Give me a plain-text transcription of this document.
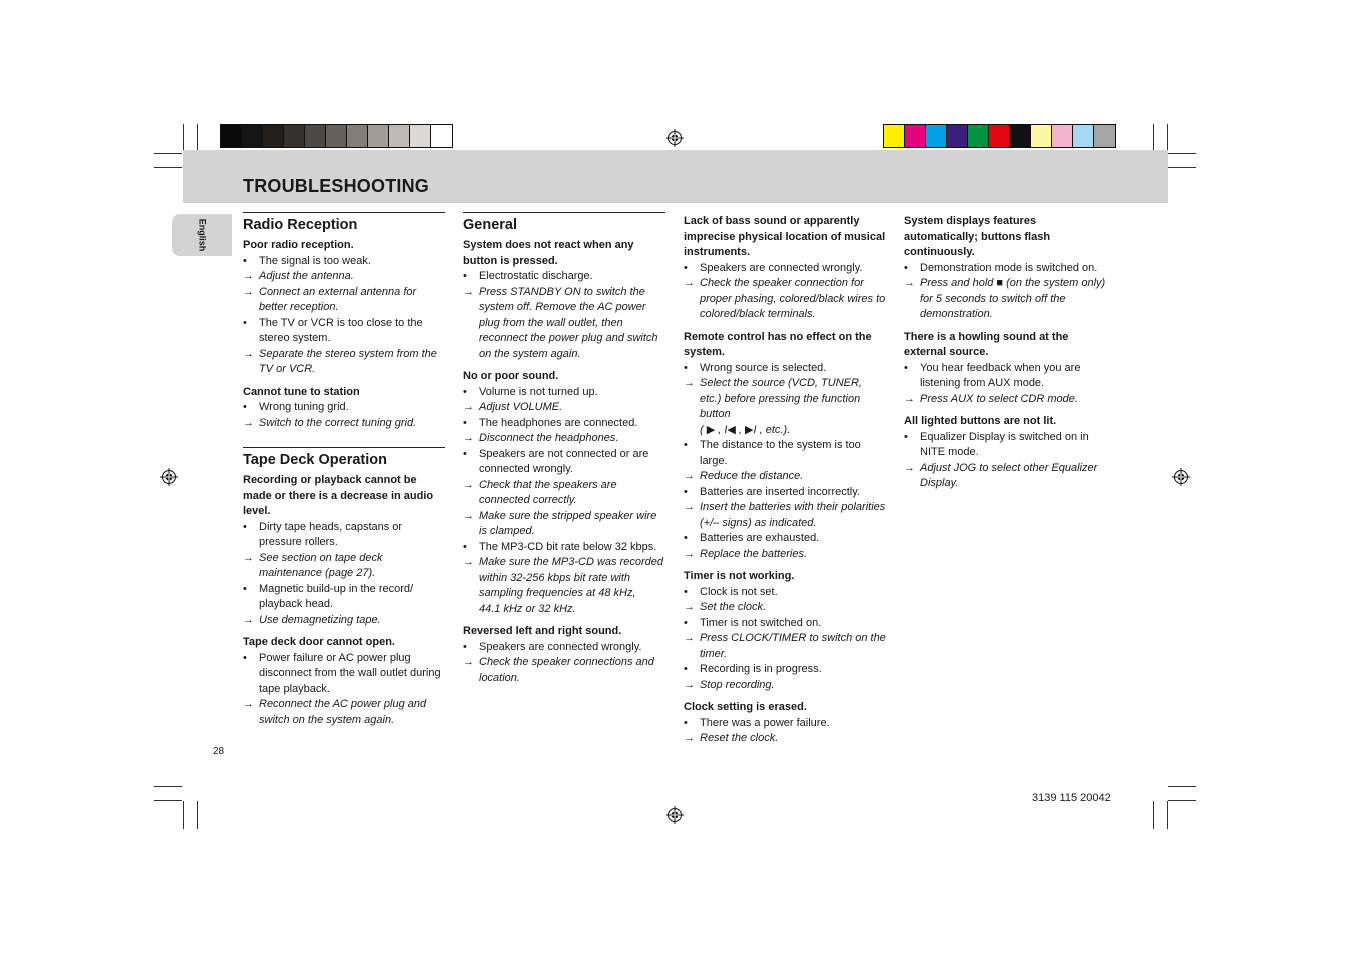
TROUBLESHOOTING
English Radio Reception

Poor radio reception.

•	The signal is too weak.
→ Adjust the antenna.
→ Connect an external antenna for better reception.
•	The TV or VCR is too close to the stereo system.
→ Separate the stereo system from the TV or VCR.

Cannot tune to station

•	Wrong tuning grid.
→ Switch to the correct tuning grid.
Tape Deck Operation

Recording or playback cannot be made or there is a decrease in audio level.

•	Dirty tape heads, capstans or pressure rollers.
→ See section on tape deck maintenance (page 27).
•	Magnetic build-up in the record/ playback head.
→ Use demagnetizing tape.

Tape deck door cannot open.

•	Power failure or AC power plug disconnect from the wall outlet during tape playback.
→ Reconnect the AC power plug and switch on the system again.
General

System does not react when any button is pressed.

•	Electrostatic discharge.
→ Press STANDBY ON to switch the system off. Remove the AC power plug from the wall outlet, then reconnect the power plug and switch on the system again.

No or poor sound.

•	Volume is not turned up.
→ Adjust VOLUME.
•	The headphones are connected.
→ Disconnect the headphones.
•	Speakers are not connected or are connected wrongly.
→ Check that the speakers are connected correctly.
→ Make sure the stripped speaker wire is clamped.
•	The MP3-CD bit rate below 32 kbps.
→ Make sure the MP3-CD was recorded within 32-256 kbps bit rate with sampling frequencies at 48 kHz,
44.1 kHz or 32 kHz.

Reversed left and right sound.

•	Speakers are connected wrongly.
→ Check the speaker connections and location.

Lack of bass sound or apparently imprecise physical location of musical instruments.

•	Speakers are connected wrongly.
→ Check the speaker connection for proper phasing, colored/black wires to colored/black terminals.

Remote control has no effect on the system.

•	Wrong source is selected.
→ Select the source (VCD, TUNER, etc.) before pressing the function button
( ▶ , I◀ , ▶I , etc.).
•	The distance to the system is too large.
→ Reduce the distance.
•	Batteries are inserted incorrectly.
→ Insert the batteries with their polarities (+/– signs) as indicated.
•	Batteries are exhausted.
→ Replace the batteries.

Timer is not working.

•	Clock is not set.
→ Set the clock.
•	Timer is not switched on.
→ Press CLOCK/TIMER to switch on the timer.
•	Recording is in progress.
→ Stop recording.

Clock setting is erased.

•	There was a power failure.
→ Reset the clock.

System displays features automatically; buttons flash continuously.

•	Demonstration mode is switched on.
→ Press and hold ■ (on the system only) for 5 seconds to switch off the demonstration.

There is a howling sound at the external source.

•	You hear feedback when you are listening from AUX mode.
→ Press AUX to select CDR mode.

All lighted buttons are not lit.

•	Equalizer Display is switched on in NITE mode.
→ Adjust JOG to select other Equalizer Display.
28
3139 115 20042
